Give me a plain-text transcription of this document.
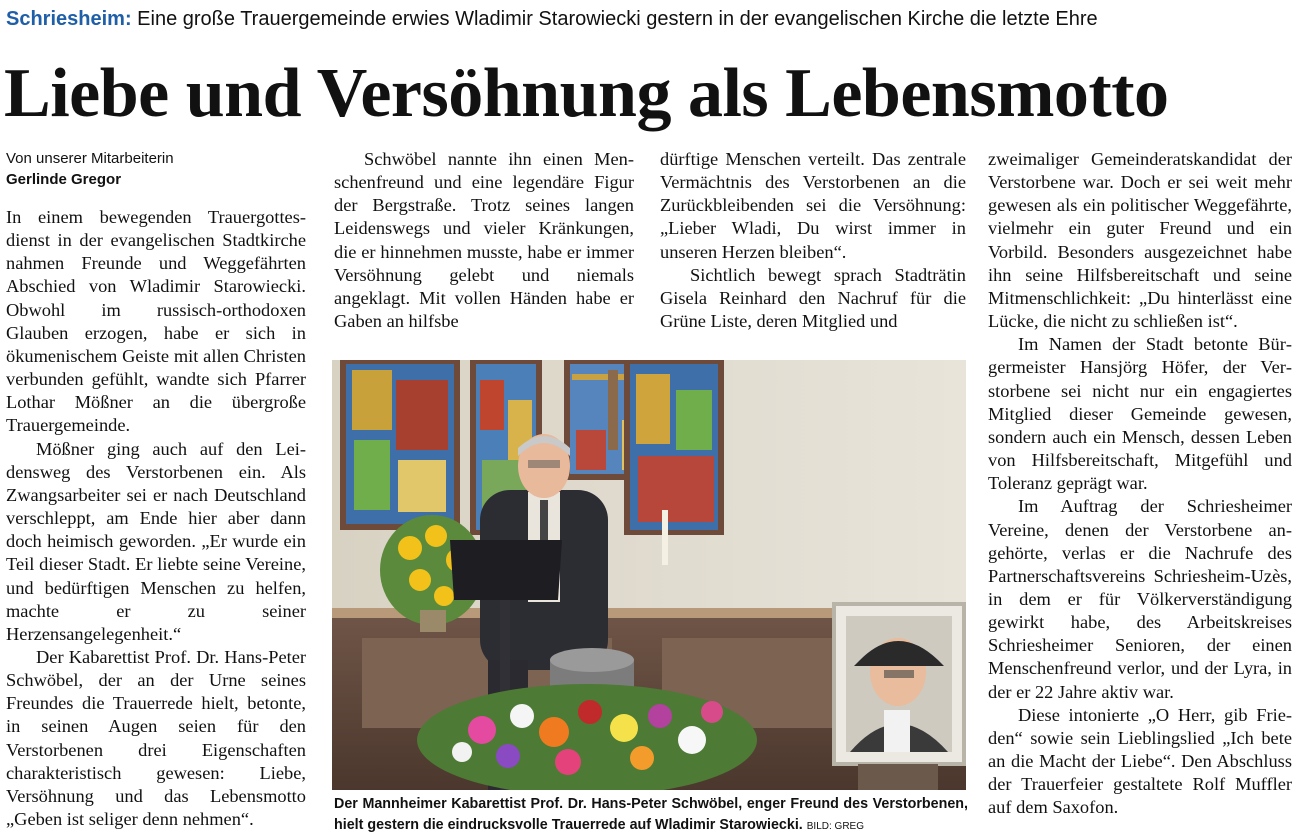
Schriesheim: Eine große Trauergemeinde erwies Wladimir Starowiecki gestern in der evangelischen Kirche die letzte Ehre
Liebe und Versöhnung als Lebensmotto
Von unserer Mitarbeiterin
Gerlinde Gregor

In einem bewegenden Trauergottesdienst in der evangelischen Stadtkirche nahmen Freunde und Weggefährten Abschied von Wladimir Starowiecki. Obwohl im russisch-orthodoxen Glauben erzogen, habe er sich in ökumenischem Geiste mit allen Christen verbunden gefühlt, wandte sich Pfarrer Lothar Mößner an die übergroße Trauergemeinde.

Mößner ging auch auf den Leidensweg des Verstorbenen ein. Als Zwangsarbeiter sei er nach Deutschland verschleppt, am Ende hier aber dann doch heimisch geworden. „Er wurde ein Teil dieser Stadt. Er liebte seine Vereine, und bedürftigen Menschen zu helfen, machte er zu seiner Herzensangelegenheit.“

Der Kabarettist Prof. Dr. Hans-Peter Schwöbel, der an der Urne seines Freundes die Trauerrede hielt, betonte, in seinen Augen seien für den Verstorbenen drei Eigenschaften charakteristisch gewesen: Liebe, Versöhnung und das Lebensmotto „Geben ist seliger denn nehmen“.

Schwöbel nannte ihn einen Menschenfreund und eine legendäre Figur der Bergstraße. Trotz seines langen Leidenswegs und vieler Kränkungen, die er hinnehmen musste, habe er immer Versöhnung gelebt und niemals angeklagt. Mit vollen Händen habe er Gaben an hilfsbe

dürftige Menschen verteilt. Das zentrale Vermächtnis des Verstorbenen an die Zurückbleibenden sei die Versöhnung: „Lieber Wladi, Du wirst immer in unseren Herzen bleiben“.

Sichtlich bewegt sprach Stadträtin Gisela Reinhard den Nachruf für die Grüne Liste, deren Mitglied und

zweimaliger Gemeinderatskandidat der Verstorbene war. Doch er sei weit mehr gewesen als ein politischer Weggefährte, vielmehr ein guter Freund und ein Vorbild. Besonders ausgezeichnet habe ihn seine Hilfsbereitschaft und seine Mitmenschlichkeit: „Du hinterlässt eine Lücke, die nicht zu schließen ist“.

Im Namen der Stadt betonte Bürgermeister Hansjörg Höfer, der Verstorbene sei nicht nur ein engagiertes Mitglied dieser Gemeinde gewesen, sondern auch ein Mensch, dessen Leben von Hilfsbereitschaft, Mitgefühl und Toleranz geprägt war.

Im Auftrag der Schriesheimer Vereine, denen der Verstorbene angehörte, verlas er die Nachrufe des Partnerschaftsvereins Schriesheim-Uzès, in dem er für Völkerverständigung gewirkt habe, des Arbeitskreises Schriesheimer Senioren, der einen Menschenfreund verlor, und der Lyra, in der er 22 Jahre aktiv war.

Diese intonierte „O Herr, gib Frieden“ sowie sein Lieblingslied „Ich bete an die Macht der Liebe“. Den Abschluss der Trauerfeier gestaltete Rolf Muffler auf dem Saxofon.

Der Mannheimer Kabarettist Prof. Dr. Hans-Peter Schwöbel, enger Freund des Verstorbenen, hielt gestern die eindrucksvolle Trauerrede auf Wladimir Starowiecki. BILD: GREG
